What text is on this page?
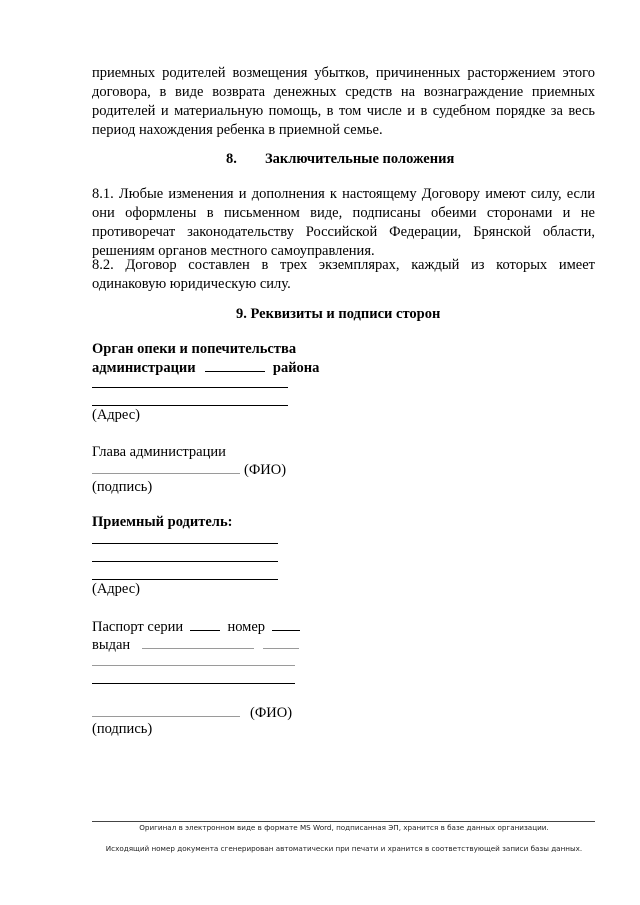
приемных родителей возмещения убытков, причиненных расторжением этого договора, в виде возврата денежных средств на вознаграждение приемных родителей и материальную помощь, в том числе и в судебном порядке за весь период нахождения ребенка в приемной семье.

8. Заключительные положения

8.1. Любые изменения и дополнения к настоящему Договору имеют силу, если они оформлены в письменном виде, подписаны обеими сторонами и не противоречат законодательству Российской Федерации, Брянской области, решениям органов местного самоуправления.

8.2. Договор составлен в трех экземплярах, каждый из которых имеет одинаковую юридическую силу.

9. Реквизиты и подписи сторон
Орган опеки и попечительства
администрации	района
(Адрес)
Глава администрации
(ФИО)
(подпись)
Приемный родитель:
(Адрес)
Паспорт серии	номер
выдан
(ФИО)
(подпись)
Оригинал в электронном виде в формате MS Word, подписанная ЭП, хранится в базе данных организации.
Исходящий номер документа сгенерирован автоматически при печати и хранится в соответствующей записи базы данных.
